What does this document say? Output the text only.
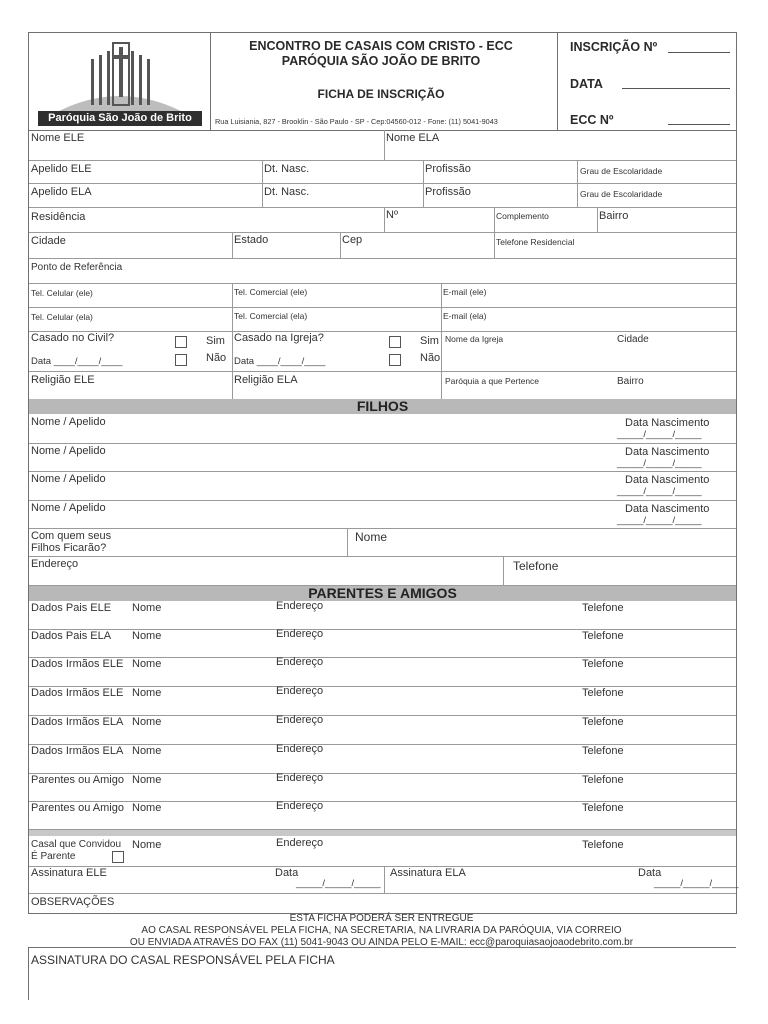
Paróquia São João de Brito
ENCONTRO DE CASAIS COM CRISTO - ECC
PARÓQUIA SÃO JOÃO DE BRITO
FICHA DE INSCRIÇÃO
Rua Luisiania, 827 - Brooklin - São Paulo - SP - Cep:04560-012 - Fone: (11) 5041-9043
INSCRIÇÃO Nº
DATA
ECC Nº
Nome ELE	Nome ELA
Apelido ELE	Dt. Nasc.	Profissão	Grau de Escolaridade
Apelido ELA	Dt. Nasc.	Profissão	Grau de Escolaridade
Residência	Nº	Complemento	Bairro
Cidade	Estado	Cep	Telefone Residencial
Ponto de Referência
Tel. Celular (ele)	Tel. Comercial (ele)	E-mail (ele)
Tel. Celular (ela)	Tel. Comercial (ela)	E-mail (ela)
Casado no Civil?	Sim
Não
Data ____/____/____
Casado na Igreja?	Sim
Não
Data ____/____/____
Nome da Igreja	Cidade
Religião ELE	Religião ELA	Paróquia a que Pertence	Bairro
FILHOS
Nome / Apelido	Data Nascimento
_____/_____/_____
Nome / Apelido	Data Nascimento
_____/_____/_____
Nome / Apelido	Data Nascimento
_____/_____/_____
Nome / Apelido	Data Nascimento
_____/_____/_____
Com quem seus
Filhos Ficarão?
Nome
Endereço	Telefone
PARENTES E AMIGOS
Dados Pais ELE Nome	Endereço	Telefone
Dados Pais ELA Nome	Endereço	Telefone
Dados Irmãos ELE Nome	Endereço	Telefone
Dados Irmãos ELE Nome	Endereço	Telefone
Dados Irmãos ELA Nome	Endereço	Telefone
Dados Irmãos ELA Nome	Endereço	Telefone
Parentes ou Amigo Nome	Endereço	Telefone
Parentes ou Amigo Nome	Endereço	Telefone
Casal que Convidou
É Parente
Nome	Endereço	Telefone
Assinatura ELE	Data
_____/_____/_____
Assinatura ELA	Data
_____/_____/_____
OBSERVAÇÕES
ESTA FICHA PODERÁ SER ENTREGUE
AO CASAL RESPONSÁVEL PELA FICHA, NA SECRETARIA, NA LIVRARIA DA PARÓQUIA, VIA CORREIO
OU ENVIADA ATRAVÉS DO FAX (11) 5041-9043 OU AINDA PELO E-MAIL: ecc@paroquiasaojoaodebrito.com.br
ASSINATURA DO CASAL RESPONSÁVEL PELA FICHA
